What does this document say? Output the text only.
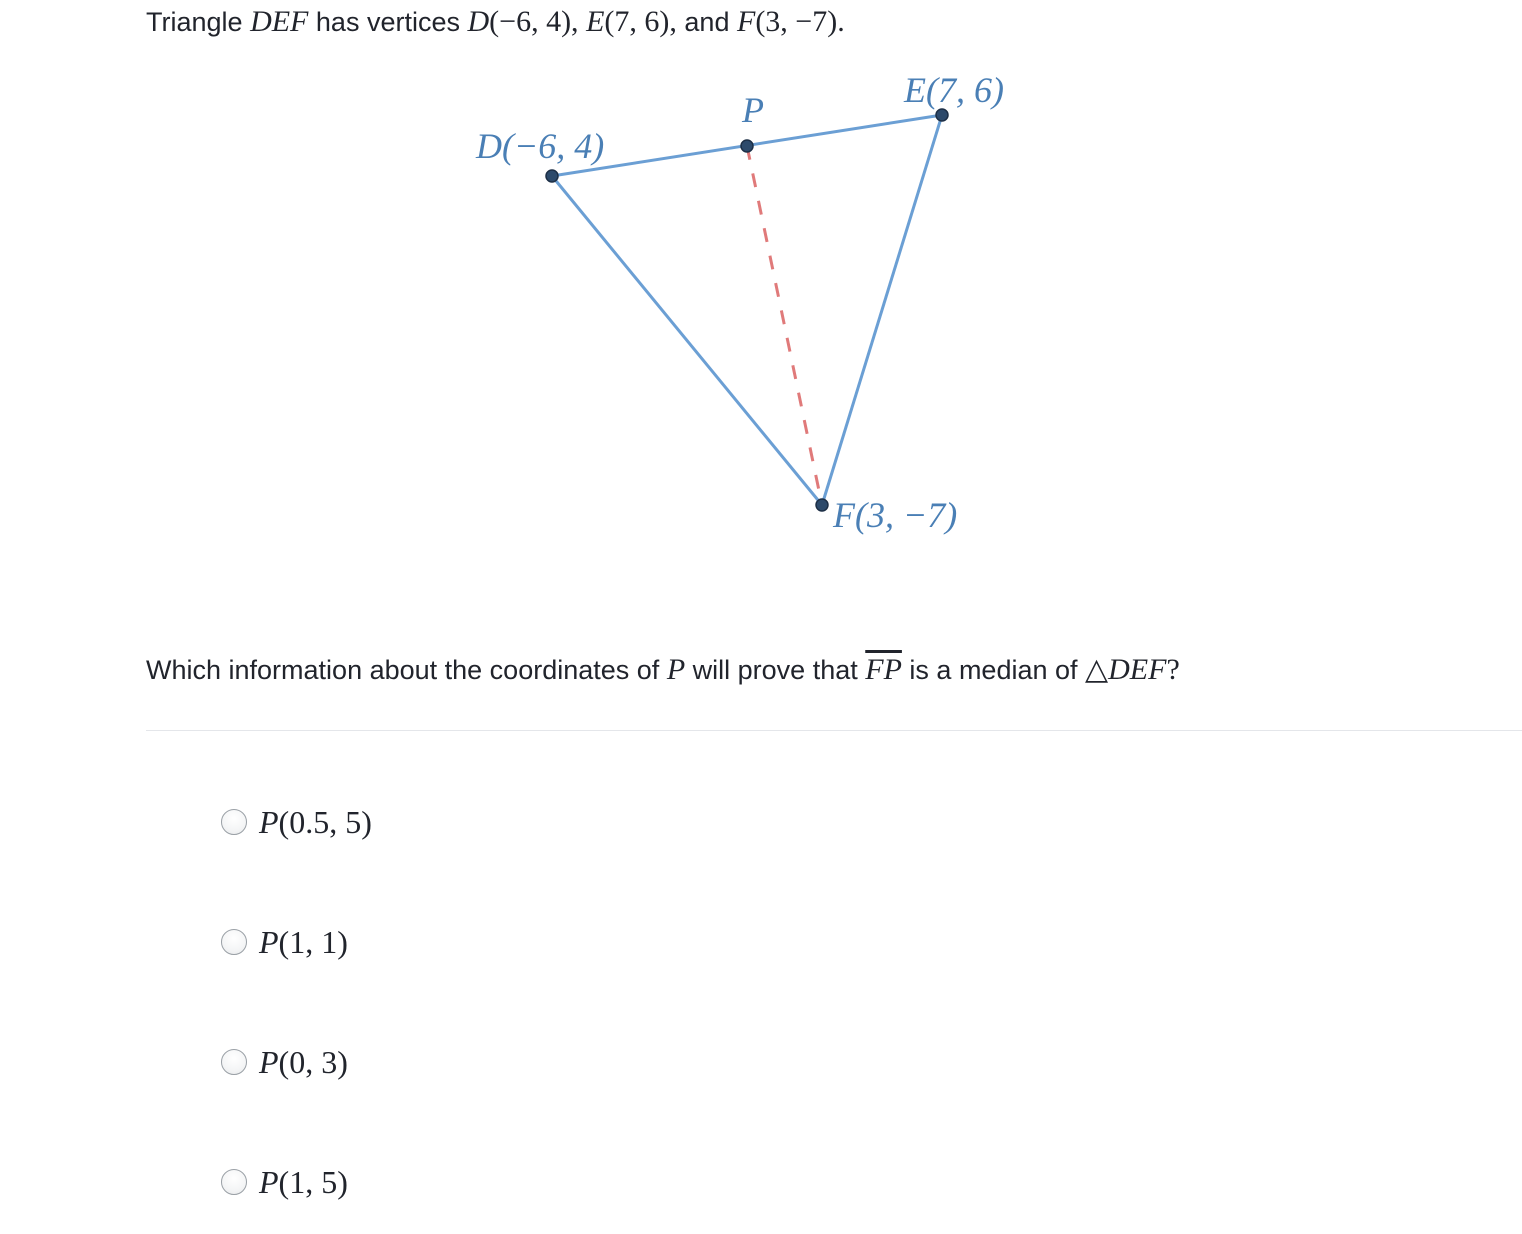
Triangle DEF has vertices D(−6, 4), E(7, 6), and F(3, −7).
D(−6, 4)
E(7, 6)
F(3, −7)
P
Which information about the coordinates of P will prove that $\overline{FP}$ is a median of △DEF?
P(0.5, 5)
P(1, 1)
P(0, 3)
P(1, 5)
